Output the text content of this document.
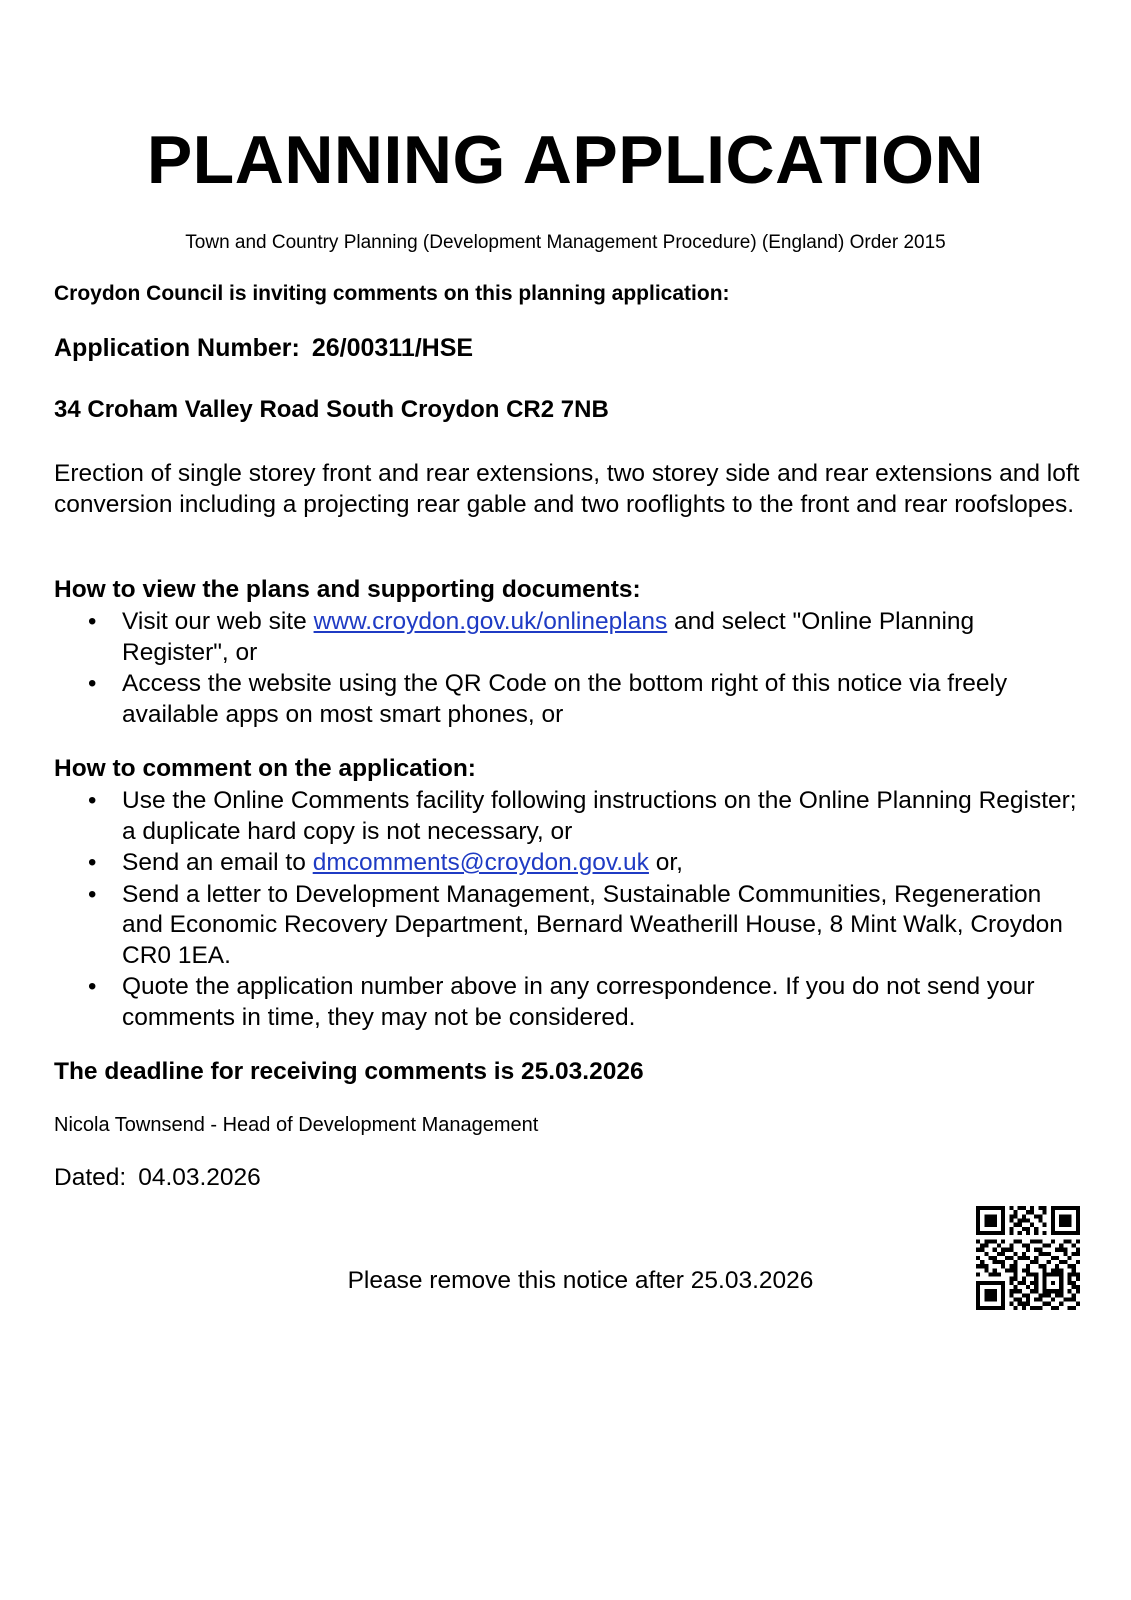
PLANNING APPLICATION
Town and Country Planning (Development Management Procedure) (England) Order 2015
Croydon Council is inviting comments on this planning application:
Application Number: 26/00311/HSE
34 Croham Valley Road South Croydon CR2 7NB
Erection of single storey front and rear extensions, two storey side and rear extensions and loft conversion including a projecting rear gable and two rooflights to the front and rear roofslopes.
How to view the plans and supporting documents:
• Visit our web site www.croydon.gov.uk/onlineplans and select "Online Planning Register", or
• Access the website using the QR Code on the bottom right of this notice via freely available apps on most smart phones, or
How to comment on the application:
• Use the Online Comments facility following instructions on the Online Planning Register; a duplicate hard copy is not necessary, or
• Send an email to dmcomments@croydon.gov.uk or,
• Send a letter to Development Management, Sustainable Communities, Regeneration and Economic Recovery Department, Bernard Weatherill House, 8 Mint Walk, Croydon CR0 1EA.
• Quote the application number above in any correspondence. If you do not send your comments in time, they may not be considered.
The deadline for receiving comments is 25.03.2026
Nicola Townsend - Head of Development Management
Dated: 04.03.2026
Please remove this notice after 25.03.2026
